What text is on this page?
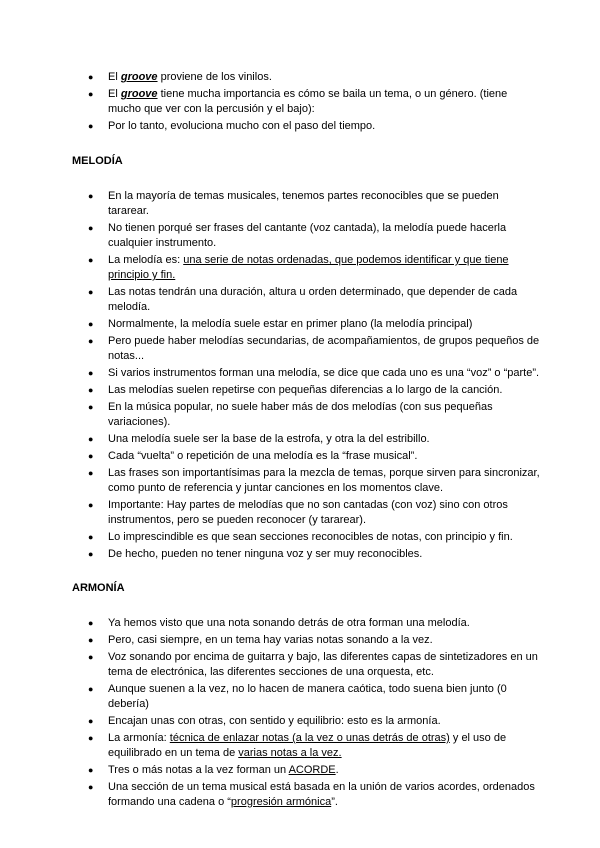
● El groove proviene de los vinilos.
● El groove tiene mucha importancia es cómo se baila un tema, o un género. (tiene mucho que ver con la percusión y el bajo):
● Por lo tanto, evoluciona mucho con el paso del tiempo.
MELODÍA
● En la mayoría de temas musicales, tenemos partes reconocibles que se pueden tararear.
● No tienen porqué ser frases del cantante (voz cantada), la melodía puede hacerla cualquier instrumento.
● La melodía es: una serie de notas ordenadas, que podemos identificar y que tiene principio y fin.
● Las notas tendrán una duración, altura u orden determinado, que depender de cada melodía.
● Normalmente, la melodía suele estar en primer plano (la melodía principal)
● Pero puede haber melodías secundarias, de acompañamientos, de grupos pequeños de notas...
● Si varios instrumentos forman una melodía, se dice que cada uno es una “voz” o “parte”.
● Las melodías suelen repetirse con pequeñas diferencias a lo largo de la canción.
● En la música popular, no suele haber más de dos melodías (con sus pequeñas variaciones).
● Una melodía suele ser la base de la estrofa, y otra la del estribillo.
● Cada “vuelta” o repetición de una melodía es la “frase musical”.
● Las frases son importantísimas para la mezcla de temas, porque sirven para sincronizar, como punto de referencia y juntar canciones en los momentos clave.
● Importante: Hay partes de melodías que no son cantadas (con voz) sino con otros instrumentos, pero se pueden reconocer (y tararear).
● Lo imprescindible es que sean secciones reconocibles de notas, con principio y fin.
● De hecho, pueden no tener ninguna voz y ser muy reconocibles.
ARMONÍA
● Ya hemos visto que una nota sonando detrás de otra forman una melodía.
● Pero, casi siempre, en un tema hay varias notas sonando a la vez.
● Voz sonando por encima de guitarra y bajo, las diferentes capas de sintetizadores en un tema de electrónica, las diferentes secciones de una orquesta, etc.
● Aunque suenen a la vez, no lo hacen de manera caótica, todo suena bien junto (0 debería)
● Encajan unas con otras, con sentido y equilibrio: esto es la armonía.
● La armonía: técnica de enlazar notas (a la vez o unas detrás de otras) y el uso de equilibrado en un tema de varias notas a la vez.
● Tres o más notas a la vez forman un ACORDE.
● Una sección de un tema musical está basada en la unión de varios acordes, ordenados formando una cadena o “progresión armónica”.
